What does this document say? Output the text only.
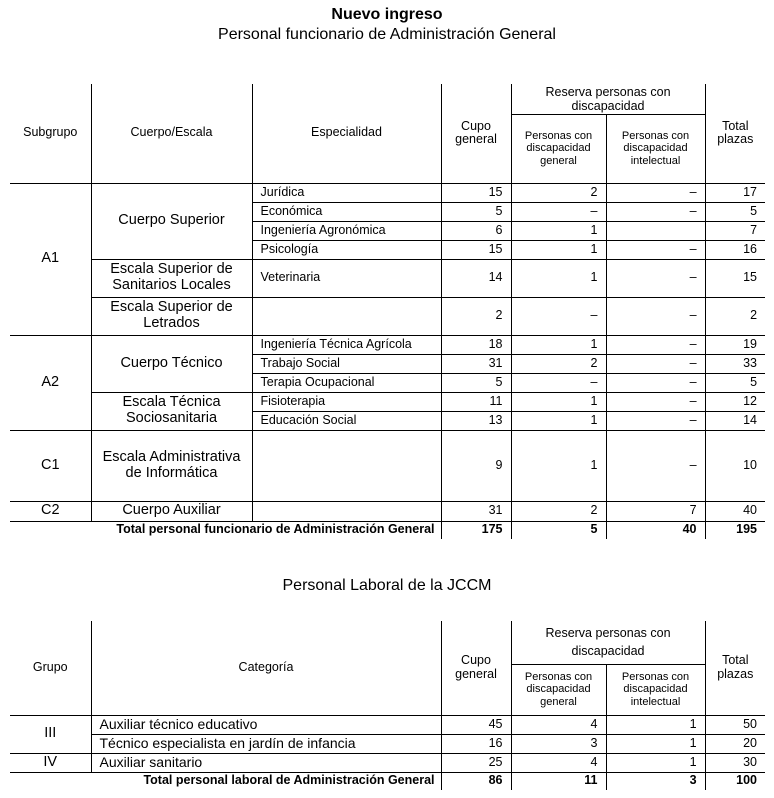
Nuevo ingreso
Personal funcionario de Administración General
Subgrupo	Cuerpo/Escala	Especialidad	Cupo general	Reserva personas con discapacidad		Total plazas
				Personas con discapacidad general	Personas con discapacidad intelectual	
A1	Cuerpo Superior	Jurídica	15	2	–	17
		Económica	5	–	–	5
		Ingeniería Agronómica	6	1		7
		Psicología	15	1	–	16
	Escala Superior de Sanitarios Locales	Veterinaria	14	1	–	15
	Escala Superior de Letrados		2	–	–	2
A2	Cuerpo Técnico	Ingeniería Técnica Agrícola	18	1	–	19
		Trabajo Social	31	2	–	33
		Terapia Ocupacional	5	–	–	5
	Escala Técnica Sociosanitaria	Fisioterapia	11	1	–	12
		Educación Social	13	1	–	14
C1	Escala Administrativa de Informática		9	1	–	10
C2	Cuerpo Auxiliar		31	2	7	40
Total personal funcionario de Administración General			175	5	40	195
Personal Laboral de la JCCM
Grupo	Categoría	Cupo general	Reserva personas con discapacidad		Total plazas
			Personas con discapacidad general	Personas con discapacidad intelectual	
III	Auxiliar técnico educativo	45	4	1	50
	Técnico especialista en jardín de infancia	16	3	1	20
IV	Auxiliar sanitario	25	4	1	30
Total personal laboral de Administración General		86	11	3	100
